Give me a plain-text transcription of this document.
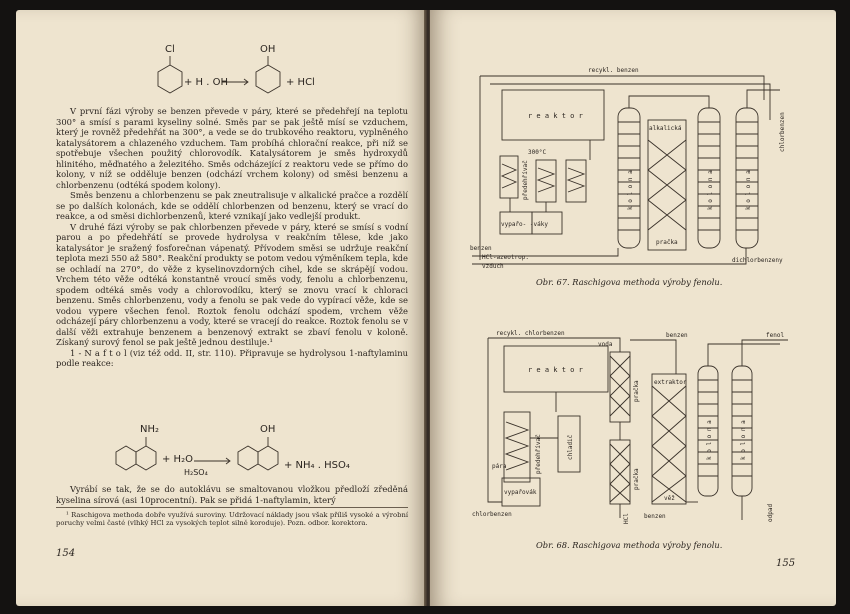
Cl
+ H . OH
OH
+ HCl

V první fázi výroby se benzen převede v páry, které se předehřejí na teplotu 300° a smísí s parami kyseliny solné. Směs par se pak ještě mísí se vzduchem, který je rovněž předehřát na 300°, a vede se do trubkového reaktoru, vyplněného katalysátorem a chlazeného vzduchem. Tam probíhá chlorační reakce, při níž se spotřebuje všechen použitý chlorovodík. Katalysátorem je směs hydroxydů hlinitého, měďnatého a železitého. Směs odcházející z reaktoru vede se přímo do kolony, v níž se odděluje benzen (odchází vrchem kolony) od směsi benzenu a chlorbenzenu (odtéká spodem kolony).

Směs benzenu a chlorbenzenu se pak zneutralisuje v alkalické pračce a rozdělí se po dalších kolonách, kde se oddělí chlorbenzen od benzenu, který se vrací do reakce, a od směsi dichlorbenzenů, které vznikají jako vedlejší produkt.

V druhé fázi výroby se pak chlorbenzen převede v páry, které se smísí s vodní parou a po předehřátí se provede hydrolysa v reakčním tělese, kde jako katalysátor je sražený fosforečnan vápenatý. Přívodem směsi se udržuje reakční teplota mezi 550 až 580°. Reakční produkty se potom vedou výměníkem tepla, kde se ochladí na 270°, do věže z kyselinovzdorných cihel, kde se skrápějí vodou. Vrchem této věže odtéká konstantně vroucí směs vody, fenolu a chlorbenzenu, spodem odtéká směs vody a chlorovodíku, který se znovu vrací k chloraci benzenu. Směs chlorbenzenu, vody a fenolu se pak vede do vypírací věže, kde se vodou vypere všechen fenol. Roztok fenolu odchází spodem, vrchem věže odcházejí páry chlorbenzenu a vody, které se vracejí do reakce. Roztok fenolu se v další věži extrahuje benzenem a benzenový extrakt se zbaví fenolu v koloně. Získaný surový fenol se pak ještě jednou destiluje.¹

1 - N a f t o l (viz též odd. II, str. 110). Připravuje se hydrolysou 1-naftylaminu podle reakce:

NH₂
+ H₂O
H₂SO₄
OH
+ NH₄ . HSO₄

Vyrábí se tak, že se do autoklávu se smaltovanou vložkou předloží zředěná kyselina sírová (asi 10procentní). Pak se přidá 1-naftylamin, který

¹ Raschigova methoda dobře využívá suroviny. Udržovací náklady jsou však příliš vysoké a výrobní poruchy velmi časté (vlhký HCl za vysokých teplot silně koroduje). Pozn. odbor. korektora.

154
recykl. benzen
r e a k t o r
300°C
předehřívač
vypařo- -váky
k o l o n a
alkalická
pračka
k o l o n a	k o l o n a
chlorbenzen
benzen
HCl-azeotrop.
vzduch
dichlorbenzeny
Obr. 67. Raschigova methoda výroby fenolu.
recykl. chlorbenzen
voda
benzen	fenol
r e a k t o r
předehřívač	chladič
pračka
pračka
extraktor
věž
k o l o n a	k o l o n a
pára
vypařovák
chlorbenzen	HCl benzen	odpad
Obr. 68. Raschigova methoda výroby fenolu.
155
